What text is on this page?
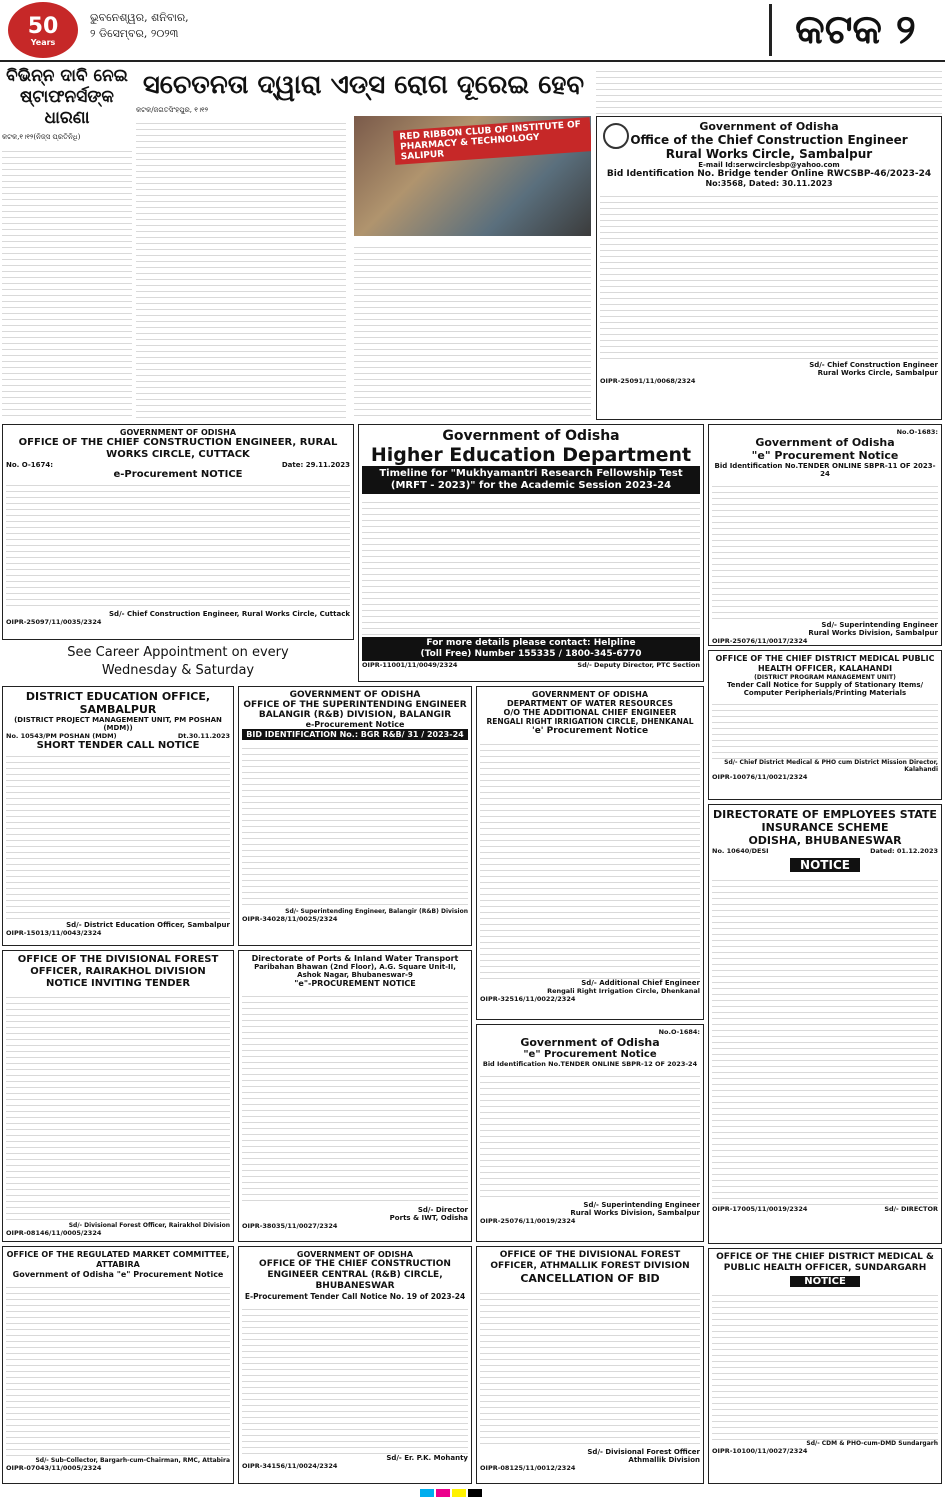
50
Years
ଭୁବନେଶ୍ୱର, ଶନିବାର,
୨ ଡିସେମ୍ବର, ୨୦୨୩	କଟକ ୨
ବିଭିନ୍ନ ଦାବି ନେଇ
ଷ୍ଟାଫନର୍ସଙ୍କ ଧାରଣା
କଟକ,୧।୧୨(ନିଜ୍ସ ପ୍ରତିନିଧି)
ସଚେତନତା ଦ୍ୱାରା ଏଡ୍ସ ରୋଗ ଦୂରେଇ ହେବ
କଟକ/ଜଗତସିଂହପୁର, ୧।୧୨
RED RIBBON CLUB OF INSTITUTE OF PHARMACY & TECHNOLOGY SALIPUR
Government of Odisha
Office of the Chief Construction Engineer
Rural Works Circle, Sambalpur
E-mail Id:serwcirclesbp@yahoo.com
Bid Identification No. Bridge tender Online RWCSBP-46/2023-24
No:3568, Dated: 30.11.2023
Sd/- Chief Construction Engineer
Rural Works Circle, Sambalpur
OIPR-25091/11/0068/2324
GOVERNMENT OF ODISHA
OFFICE OF THE CHIEF CONSTRUCTION ENGINEER, RURAL WORKS CIRCLE, CUTTACK
No. O-1674:	Date: 29.11.2023
e-Procurement NOTICE
Sd/- Chief Construction Engineer, Rural Works Circle, Cuttack
OIPR-25097/11/0035/2324
See Career Appointment on every
Wednesday & Saturday
Government of Odisha
Higher Education Department
Timeline for "Mukhyamantri Research Fellowship Test
(MRFT - 2023)" for the Academic Session 2023-24
For more details please contact: Helpline
(Toll Free) Number 155335 / 1800-345-6770
OIPR-11001/11/0049/2324	Sd/- Deputy Director, PTC Section
No.O-1683:
Government of Odisha
"e" Procurement Notice
Bid Identification No.TENDER ONLINE SBPR-11 OF 2023-24
Sd/- Superintending Engineer
Rural Works Division, Sambalpur
OIPR-25076/11/0017/2324
DISTRICT EDUCATION OFFICE, SAMBALPUR
(DISTRICT PROJECT MANAGEMENT UNIT, PM POSHAN (MDM))
No. 10543/PM POSHAN (MDM)	Dt.30.11.2023
SHORT TENDER CALL NOTICE
Sd/- District Education Officer, Sambalpur
OIPR-15013/11/0043/2324
GOVERNMENT OF ODISHA
OFFICE OF THE SUPERINTENDING ENGINEER
BALANGIR (R&B) DIVISION, BALANGIR
e-Procurement Notice
BID IDENTIFICATION No.: BGR R&B/ 31 / 2023-24
Sd/- Superintending Engineer, Balangir (R&B) Division
OIPR-34028/11/0025/2324
GOVERNMENT OF ODISHA
DEPARTMENT OF WATER RESOURCES
O/O THE ADDITIONAL CHIEF ENGINEER
RENGALI RIGHT IRRIGATION CIRCLE, DHENKANAL
'e' Procurement Notice
Sd/- Additional Chief Engineer
Rengali Right Irrigation Circle, Dhenkanal
OIPR-32516/11/0022/2324
OFFICE OF THE CHIEF DISTRICT MEDICAL PUBLIC HEALTH OFFICER, KALAHANDI
(DISTRICT PROGRAM MANAGEMENT UNIT)
Tender Call Notice for Supply of Stationary Items/ Computer Peripherials/Printing Materials
Sd/- Chief District Medical & PHO cum District Mission Director, Kalahandi
OIPR-10076/11/0021/2324
DIRECTORATE OF EMPLOYEES STATE INSURANCE SCHEME
ODISHA, BHUBANESWAR
No. 10640/DESI	Dated: 01.12.2023
NOTICE
OIPR-17005/11/0019/2324	Sd/- DIRECTOR
OFFICE OF THE DIVISIONAL FOREST OFFICER, RAIRAKHOL DIVISION
NOTICE INVITING TENDER
Sd/- Divisional Forest Officer, Rairakhol Division
OIPR-08146/11/0005/2324
Directorate of Ports & Inland Water Transport
Paribahan Bhawan (2nd Floor), A.G. Square Unit-II, Ashok Nagar, Bhubaneswar-9
"e"-PROCUREMENT NOTICE
Sd/- Director
Ports & IWT, Odisha
OIPR-38035/11/0027/2324
No.O-1684:
Government of Odisha
"e" Procurement Notice
Bid Identification No.TENDER ONLINE SBPR-12 OF 2023-24
Sd/- Superintending Engineer
Rural Works Division, Sambalpur
OIPR-25076/11/0019/2324
OFFICE OF THE REGULATED MARKET COMMITTEE, ATTABIRA
Government of Odisha "e" Procurement Notice
Sd/- Sub-Collector, Bargarh-cum-Chairman, RMC, Attabira
OIPR-07043/11/0005/2324
GOVERNMENT OF ODISHA
OFFICE OF THE CHIEF CONSTRUCTION ENGINEER CENTRAL (R&B) CIRCLE, BHUBANESWAR
E-Procurement Tender Call Notice No. 19 of 2023-24
Sd/- Er. P.K. Mohanty
OIPR-34156/11/0024/2324
OFFICE OF THE DIVISIONAL FOREST OFFICER, ATHMALLIK FOREST DIVISION
CANCELLATION OF BID
Sd/- Divisional Forest Officer
Athmallik Division
OIPR-08125/11/0012/2324
OFFICE OF THE CHIEF DISTRICT MEDICAL & PUBLIC HEALTH OFFICER, SUNDARGARH
NOTICE
Sd/- CDM & PHO-cum-DMD Sundargarh
OIPR-10100/11/0027/2324
